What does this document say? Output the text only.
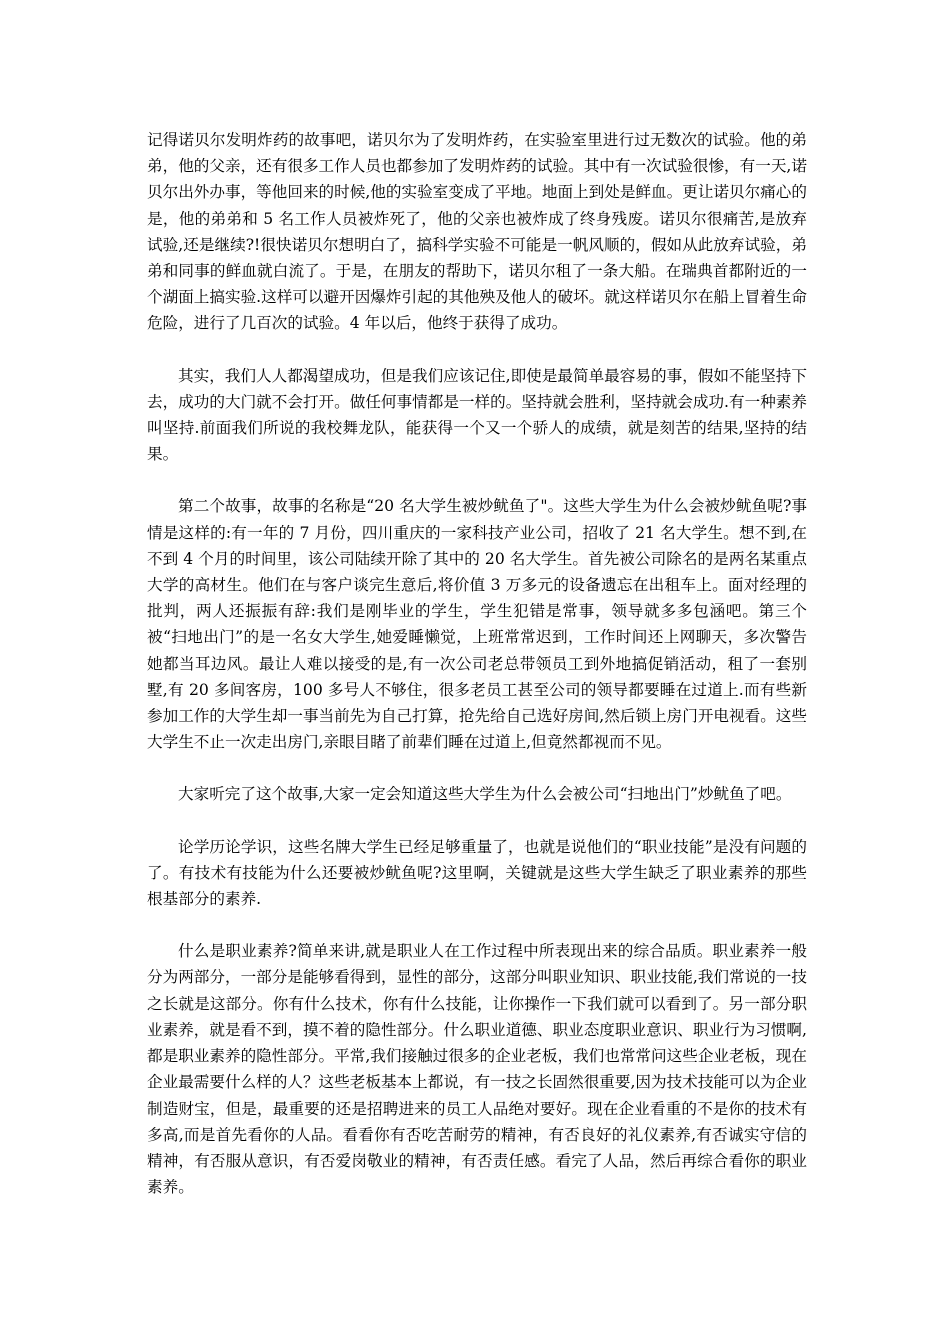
记得诺贝尔发明炸药的故事吧，诺贝尔为了发明炸药，在实验室里进行过无数次的试验。他的弟弟，他的父亲，还有很多工作人员也都参加了发明炸药的试验。其中有一次试验很惨，有一天,诺贝尔出外办事，等他回来的时候,他的实验室变成了平地。地面上到处是鲜血。更让诺贝尔痛心的是，他的弟弟和 5 名工作人员被炸死了，他的父亲也被炸成了终身残废。诺贝尔很痛苦,是放弃试验,还是继续?!很快诺贝尔想明白了，搞科学实验不可能是一帆风顺的，假如从此放弃试验，弟弟和同事的鲜血就白流了。于是，在朋友的帮助下，诺贝尔租了一条大船。在瑞典首都附近的一个湖面上搞实验.这样可以避开因爆炸引起的其他殃及他人的破坏。就这样诺贝尔在船上冒着生命危险，进行了几百次的试验。4 年以后，他终于获得了成功。

其实，我们人人都渴望成功，但是我们应该记住,即使是最简单最容易的事，假如不能坚持下去，成功的大门就不会打开。做任何事情都是一样的。坚持就会胜利，坚持就会成功.有一种素养叫坚持.前面我们所说的我校舞龙队，能获得一个又一个骄人的成绩，就是刻苦的结果,坚持的结果。

第二个故事，故事的名称是“20 名大学生被炒鱿鱼了"。这些大学生为什么会被炒鱿鱼呢?事情是这样的:有一年的 7 月份，四川重庆的一家科技产业公司，招收了 21 名大学生。想不到,在不到 4 个月的时间里，该公司陆续开除了其中的 20 名大学生。首先被公司除名的是两名某重点大学的高材生。他们在与客户谈完生意后,将价值 3 万多元的设备遗忘在出租车上。面对经理的批判，两人还振振有辞:我们是刚毕业的学生，学生犯错是常事，领导就多多包涵吧。第三个被“扫地出门”的是一名女大学生,她爱睡懒觉，上班常常迟到，工作时间还上网聊天，多次警告她都当耳边风。最让人难以接受的是,有一次公司老总带领员工到外地搞促销活动，租了一套别墅,有 20 多间客房，100 多号人不够住，很多老员工甚至公司的领导都要睡在过道上.而有些新参加工作的大学生却一事当前先为自己打算，抢先给自己选好房间,然后锁上房门开电视看。这些大学生不止一次走出房门,亲眼目睹了前辈们睡在过道上,但竟然都视而不见。

大家听完了这个故事,大家一定会知道这些大学生为什么会被公司“扫地出门”炒鱿鱼了吧。

论学历论学识，这些名牌大学生已经足够重量了，也就是说他们的“职业技能”是没有问题的了。有技术有技能为什么还要被炒鱿鱼呢?这里啊，关键就是这些大学生缺乏了职业素养的那些根基部分的素养.

什么是职业素养?简单来讲,就是职业人在工作过程中所表现出来的综合品质。职业素养一般分为两部分，一部分是能够看得到，显性的部分，这部分叫职业知识、职业技能,我们常说的一技之长就是这部分。你有什么技术，你有什么技能，让你操作一下我们就可以看到了。另一部分职业素养，就是看不到，摸不着的隐性部分。什么职业道德、职业态度职业意识、职业行为习惯啊,都是职业素养的隐性部分。平常,我们接触过很多的企业老板，我们也常常问这些企业老板，现在企业最需要什么样的人？这些老板基本上都说，有一技之长固然很重要,因为技术技能可以为企业制造财宝，但是，最重要的还是招聘进来的员工人品绝对要好。现在企业看重的不是你的技术有多高,而是首先看你的人品。看看你有否吃苦耐劳的精神，有否良好的礼仪素养,有否诚实守信的精神，有否服从意识，有否爱岗敬业的精神，有否责任感。看完了人品，然后再综合看你的职业素养。
